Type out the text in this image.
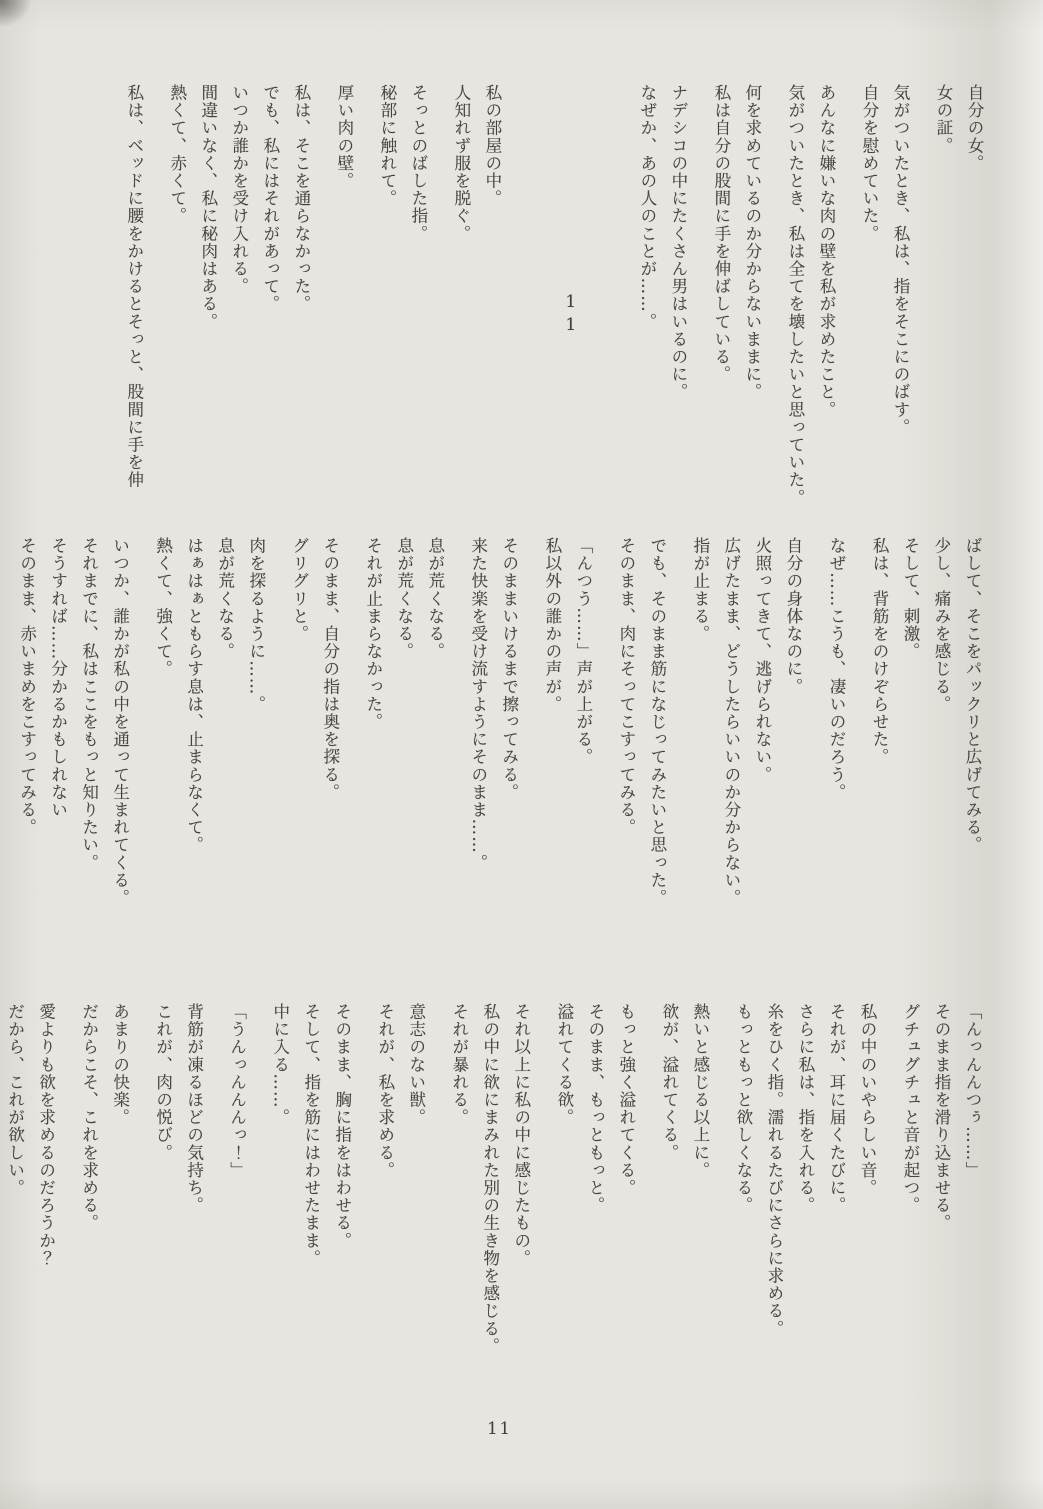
自分の女。

女の証。

気がついたとき、私は、指をそこにのばす。

自分を慰めていた。

あんなに嫌いな肉の壁を私が求めたこと。

気がついたとき、私は全てを壊したいと思っていた。

何を求めているのか分からないままに。

私は自分の股間に手を伸ばしている。

ナデシコの中にたくさん男はいるのに。

なぜか、あの人のことが……。

11

私の部屋の中。

人知れず服を脱ぐ。

そっとのばした指。

秘部に触れて。

厚い肉の壁。

私は、そこを通らなかった。

でも、私にはそれがあって。

いつか誰かを受け入れる。

間違いなく、私に秘肉はある。

熱くて、赤くて。

私は、ベッドに腰をかけるとそっと、股間に手を伸

ばして、そこをパックリと広げてみる。

少し、痛みを感じる。

そして、刺激。

私は、背筋をのけぞらせた。

なぜ……こうも、凄いのだろう。

自分の身体なのに。

火照ってきて、逃げられない。

広げたまま、どうしたらいいのか分からない。

指が止まる。

でも、そのまま筋になじってみたいと思った。

そのまま、肉にそってこすってみる。

「んつう……」声が上がる。

私以外の誰かの声が。

そのままいけるまで擦ってみる。

来た快楽を受け流すようにそのまま……。

息が荒くなる。

息が荒くなる。

それが止まらなかった。

そのまま、自分の指は奥を探る。

グリグリと。

肉を探るように……。

息が荒くなる。

はぁはぁともらす息は、止まらなくて。

熱くて、強くて。

いつか、誰かが私の中を通って生まれてくる。

それまでに、私はここをもっと知りたい。

そうすれば……分かるかもしれない

そのまま、赤いまめをこすってみる。

「んっんんつぅ……」

そのまま指を滑り込ませる。

グチュグチュと音が起つ。

私の中のいやらしい音。

それが、耳に届くたびに。

さらに私は、指を入れる。

糸をひく指。濡れるたびにさらに求める。

もっともっと欲しくなる。

熱いと感じる以上に。

欲が、溢れてくる。

もっと強く溢れてくる。

そのまま、もっともっと。

溢れてくる欲。

それ以上に私の中に感じたもの。

私の中に欲にまみれた別の生き物を感じる。

それが暴れる。

意志のない獣。

それが、私を求める。

そのまま、胸に指をはわせる。

そして、指を筋にはわせたまま。

中に入る……。

「うんっんんんっ！」

背筋が凍るほどの気持ち。

これが、肉の悦び。

あまりの快楽。

だからこそ、これを求める。

愛よりも欲を求めるのだろうか？

だから、これが欲しい。

11
